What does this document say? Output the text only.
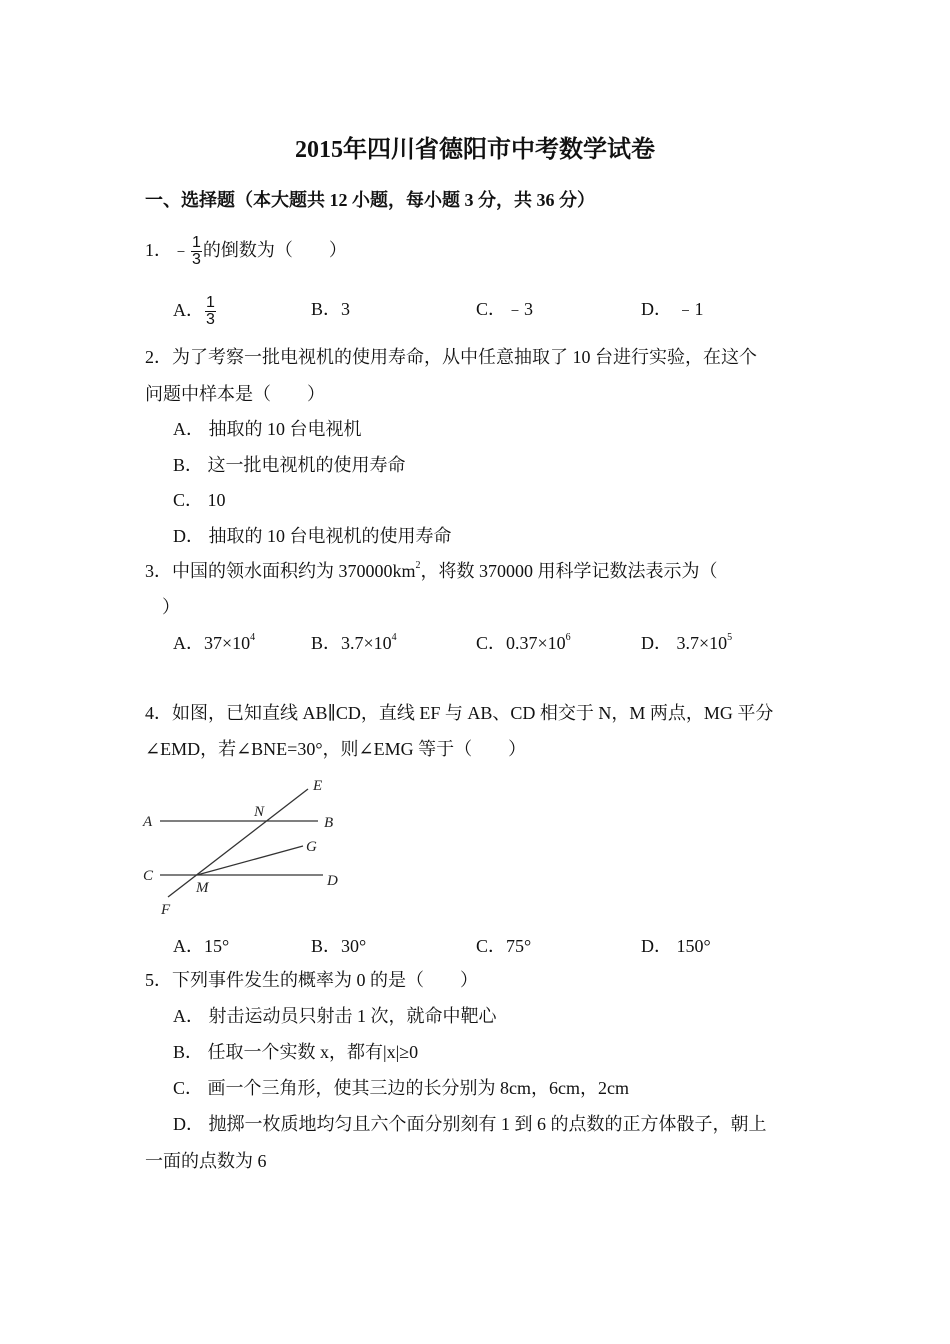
2015年四川省德阳市中考数学试卷
一、选择题（本大题共 12 小题，每小题 3 分，共 36 分）
1．﹣ $\frac{1}{3}$ 的倒数为（　　）
A． $\frac{1}{3}$	B．3	C．﹣3	D． ﹣1
2．为了考察一批电视机的使用寿命，从中任意抽取了 10 台进行实验，在这个
问题中样本是（　　）
A． 抽取的 10 台电视机
B． 这一批电视机的使用寿命
C． 10
D． 抽取的 10 台电视机的使用寿命
3．中国的领水面积约为 $370000km^2$，将数 370000 用科学记数法表示为（
）
A．$37\times 10^4$	B．$3.7\times 10^4$	C．$0.37\times 10^6$	D． $3.7\times 10^5$
4．如图，已知直线 AB∥CD，直线 EF 与 AB、CD 相交于 N，M 两点，MG 平分
∠EMD，若∠BNE=30°，则∠EMG 等于（　　）
A	B
C	D
E
F
G
M
N
A．15°	B．30°	C．75°	D． 150°
5．下列事件发生的概率为 0 的是（　　）
A． 射击运动员只射击 1 次，就命中靶心
B． 任取一个实数 x，都有|x|≥0
C． 画一个三角形，使其三边的长分别为 8cm，6cm，2cm
D． 抛掷一枚质地均匀且六个面分别刻有 1 到 6 的点数的正方体骰子，朝上
一面的点数为 6
